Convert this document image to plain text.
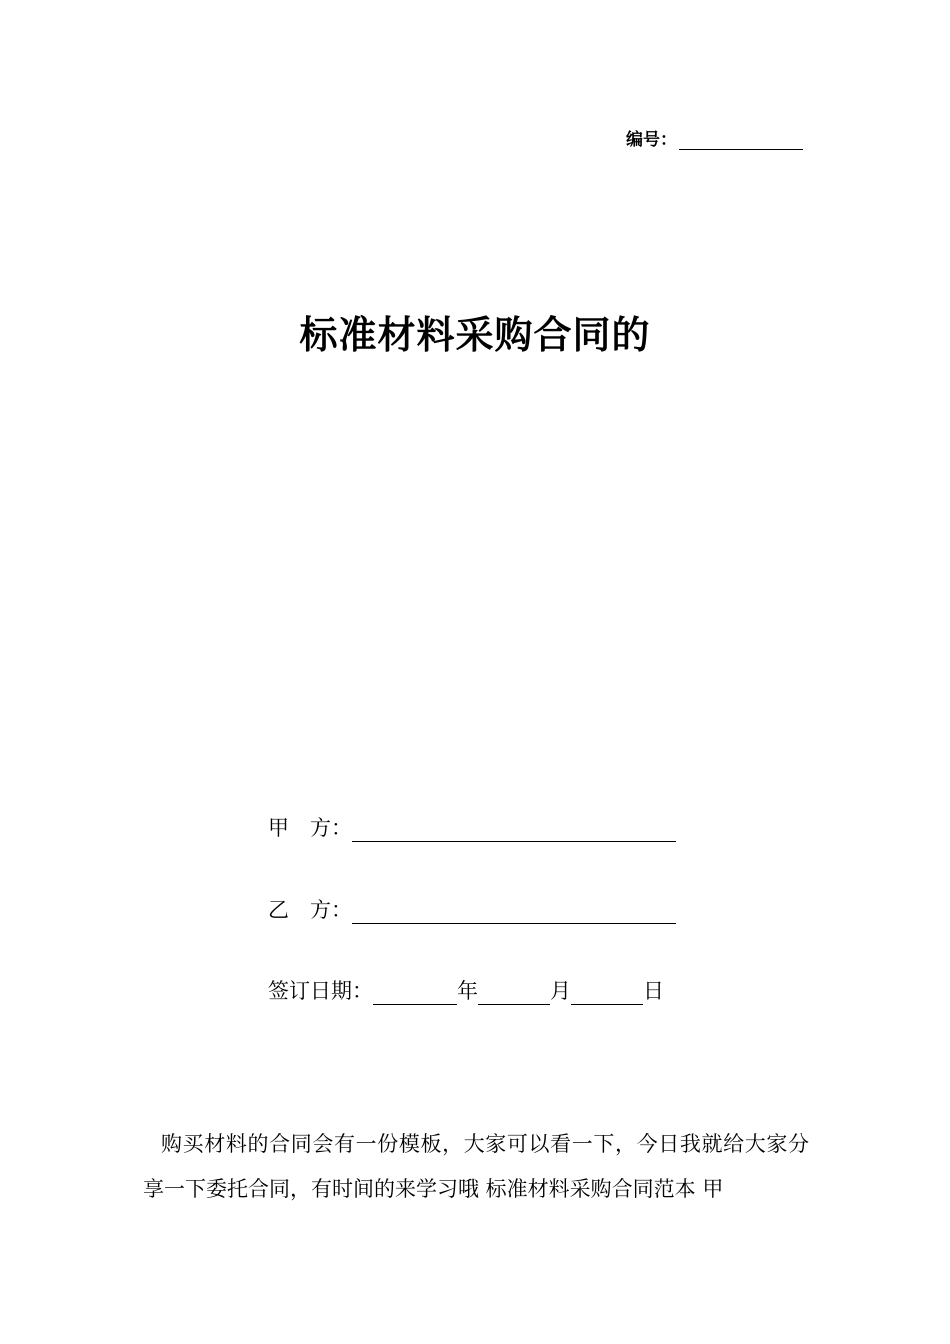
编号：
标准材料采购合同的
甲　方：
乙　方：
签订日期：	年	月	日
购买材料的合同会有一份模板，大家可以看一下，今日我就给大家分享一下委托合同，有时间的来学习哦 标准材料采购合同范本 甲
